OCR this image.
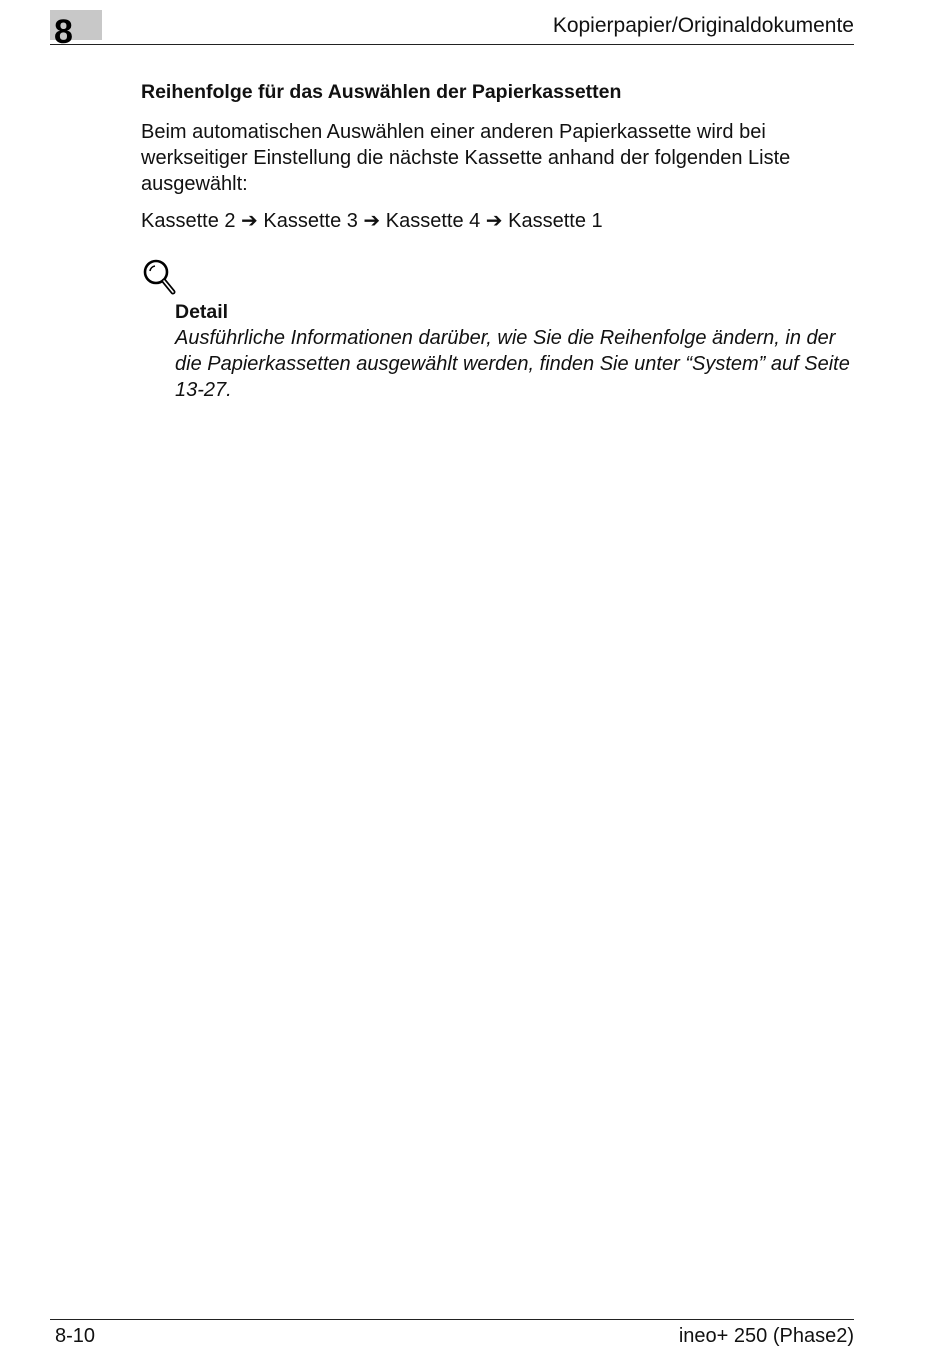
8	Kopierpapier/Originaldokumente
Reihenfolge für das Auswählen der Papierkassetten

Beim automatischen Auswählen einer anderen Papierkassette wird bei werkseitiger Einstellung die nächste Kassette anhand der folgenden Liste ausgewählt:

Kassette 2 ➔ Kassette 3 ➔ Kassette 4 ➔ Kassette 1
Detail

Ausführliche Informationen darüber, wie Sie die Reihenfolge ändern, in der die Papierkassetten ausgewählt werden, finden Sie unter “System” auf Seite 13-27.

8-10	ineo+ 250 (Phase2)
